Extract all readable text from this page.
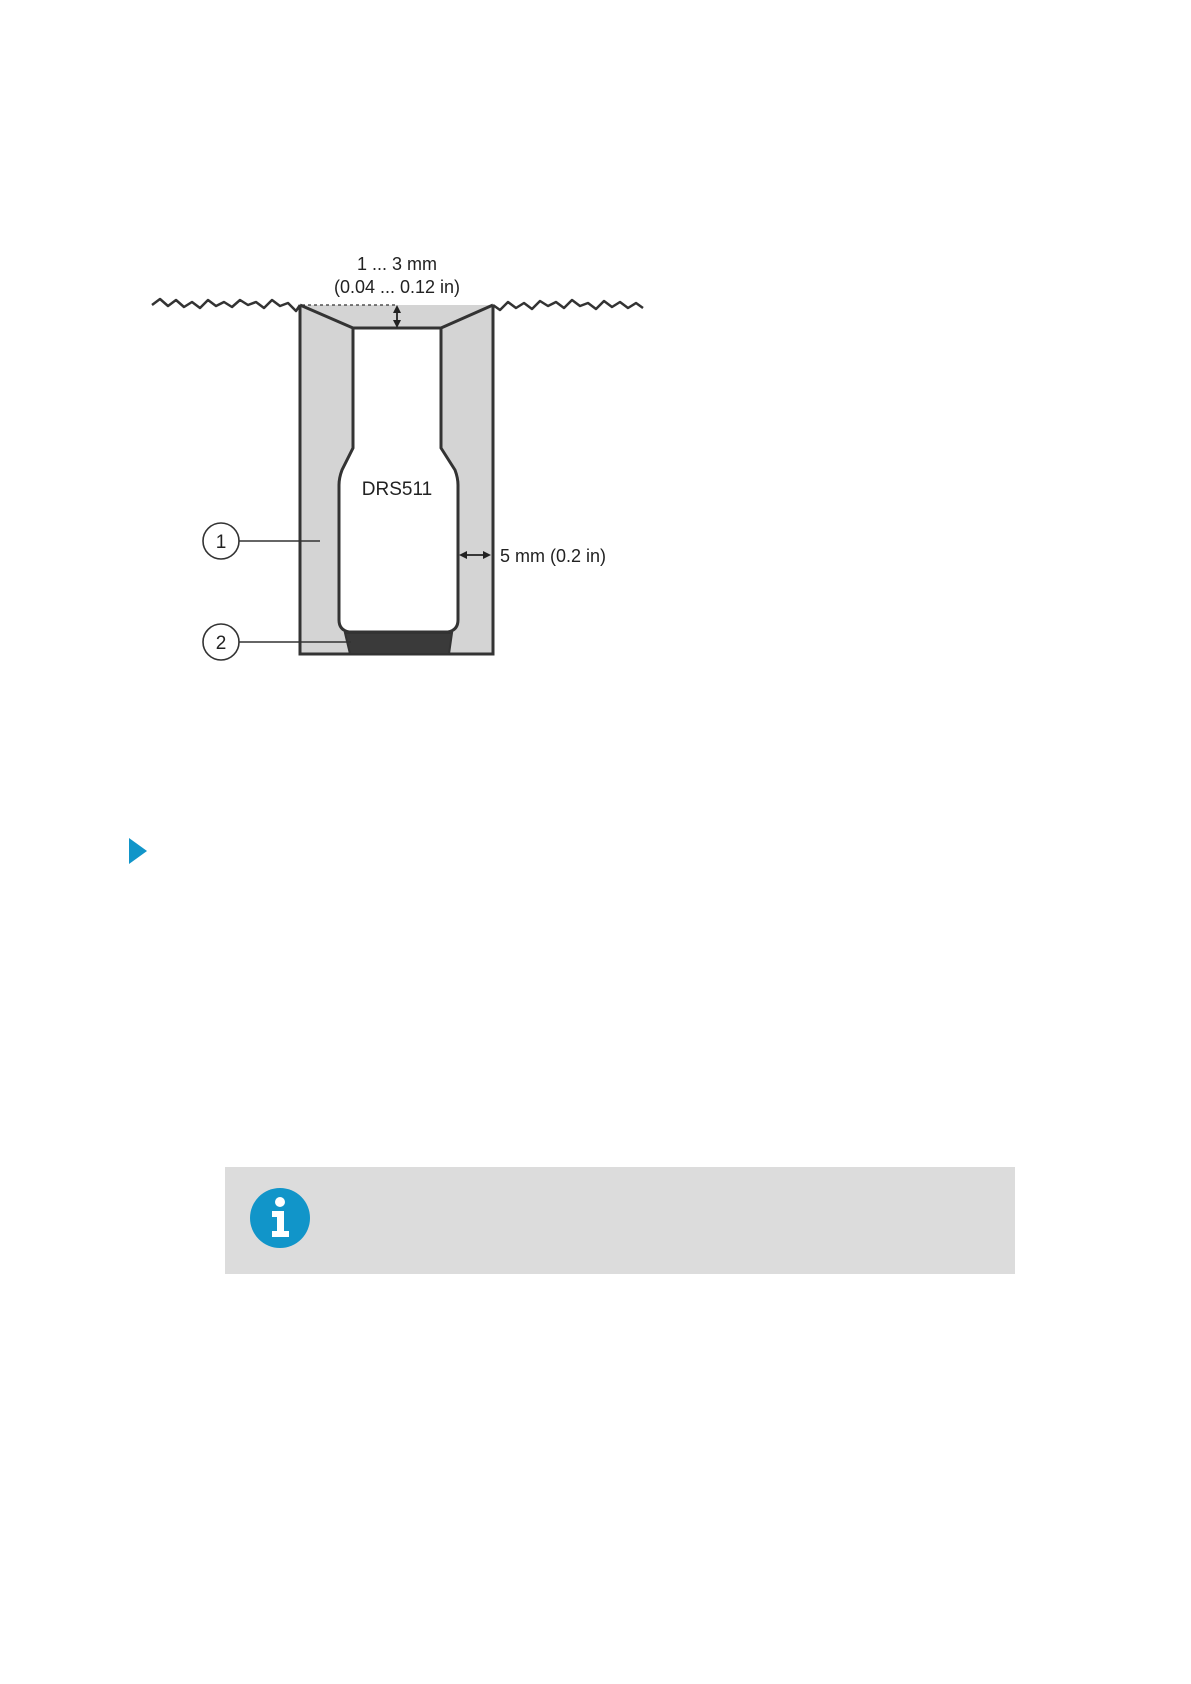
1 ... 3 mm
(0.04 ... 0.12 in)
DRS511
5 mm (0.2 in)
1
2
